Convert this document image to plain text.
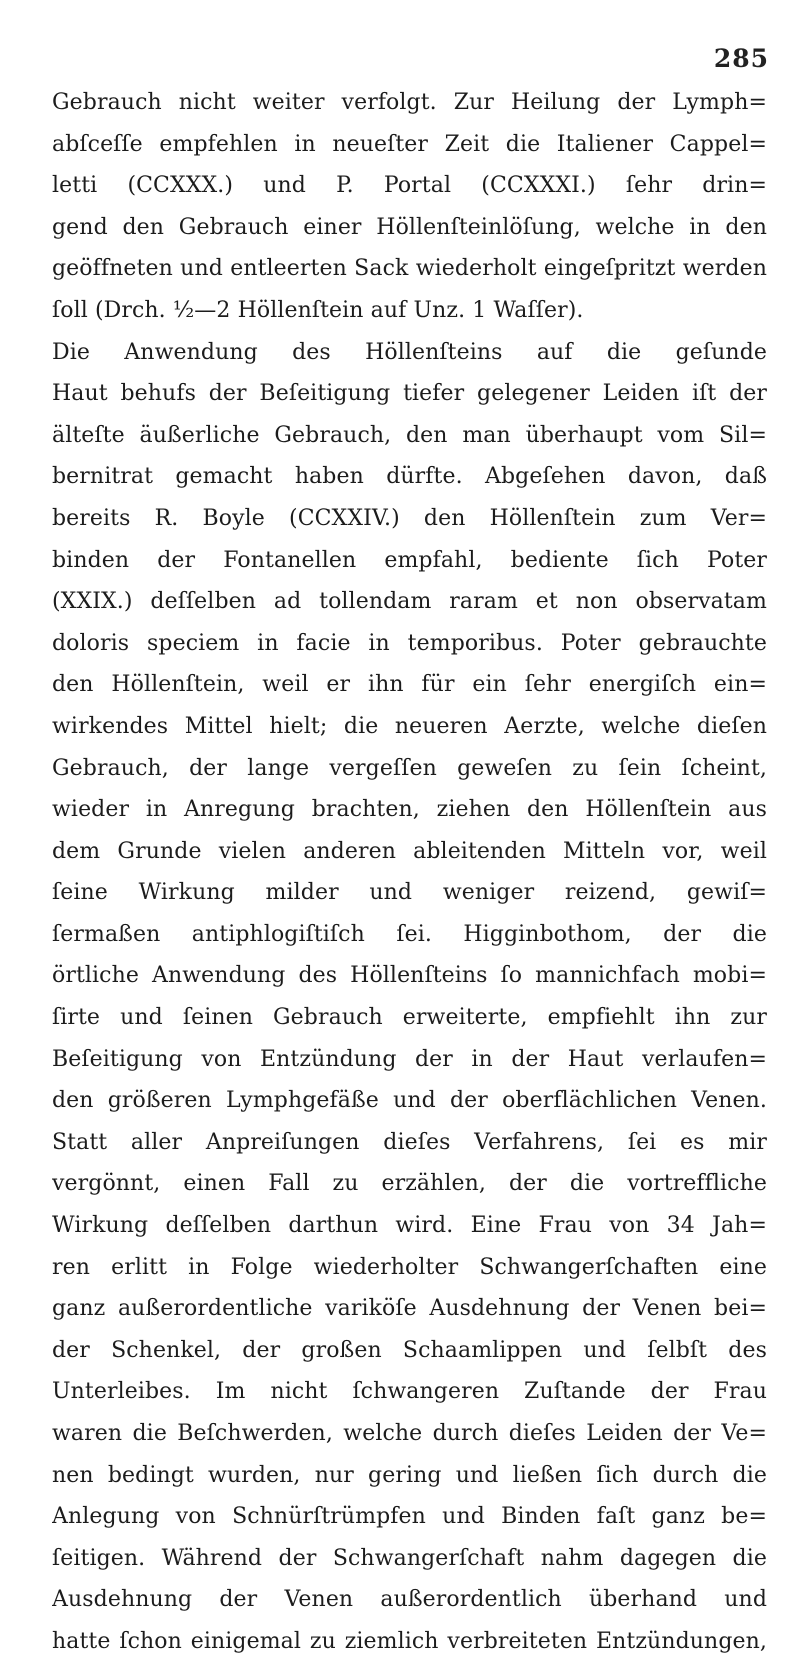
285
Gebrauch nicht weiter verfolgt. Zur Heilung der Lymph=
abſceſſe empfehlen in neueſter Zeit die Italiener Cappel=
letti (CCXXX.) und P. Portal (CCXXXI.) ſehr drin=
gend den Gebrauch einer Höllenſteinlöſung, welche in den
geöffneten und entleerten Sack wiederholt eingeſpritzt werden
ſoll (Drch. ½—2 Höllenſtein auf Unz. 1 Waſſer).
Die Anwendung des Höllenſteins auf die geſunde
Haut behufs der Beſeitigung tiefer gelegener Leiden iſt der
älteſte äußerliche Gebrauch, den man überhaupt vom Sil=
bernitrat gemacht haben dürfte. Abgeſehen davon, daß
bereits R. Boyle (CCXXIV.) den Höllenſtein zum Ver=
binden der Fontanellen empfahl, bediente ſich Poter
(XXIX.) deſſelben ad tollendam raram et non observatam
doloris speciem in facie in temporibus. Poter gebrauchte
den Höllenſtein, weil er ihn für ein ſehr energiſch ein=
wirkendes Mittel hielt; die neueren Aerzte, welche dieſen
Gebrauch, der lange vergeſſen geweſen zu ſein ſcheint,
wieder in Anregung brachten, ziehen den Höllenſtein aus
dem Grunde vielen anderen ableitenden Mitteln vor, weil
ſeine Wirkung milder und weniger reizend, gewiſ=
ſermaßen antiphlogiſtiſch ſei. Higginbothom, der die
örtliche Anwendung des Höllenſteins ſo mannichfach mobi=
ſirte und ſeinen Gebrauch erweiterte, empfiehlt ihn zur
Beſeitigung von Entzündung der in der Haut verlaufen=
den größeren Lymphgefäße und der oberflächlichen Venen.
Statt aller Anpreiſungen dieſes Verfahrens, ſei es mir
vergönnt, einen Fall zu erzählen, der die vortreffliche
Wirkung deſſelben darthun wird. Eine Frau von 34 Jah=
ren erlitt in Folge wiederholter Schwangerſchaften eine
ganz außerordentliche variköſe Ausdehnung der Venen bei=
der Schenkel, der großen Schaamlippen und ſelbſt des
Unterleibes. Im nicht ſchwangeren Zuſtande der Frau
waren die Beſchwerden, welche durch dieſes Leiden der Ve=
nen bedingt wurden, nur gering und ließen ſich durch die
Anlegung von Schnürſtrümpfen und Binden faſt ganz be=
ſeitigen. Während der Schwangerſchaft nahm dagegen die
Ausdehnung der Venen außerordentlich überhand und
hatte ſchon einigemal zu ziemlich verbreiteten Entzündungen,
